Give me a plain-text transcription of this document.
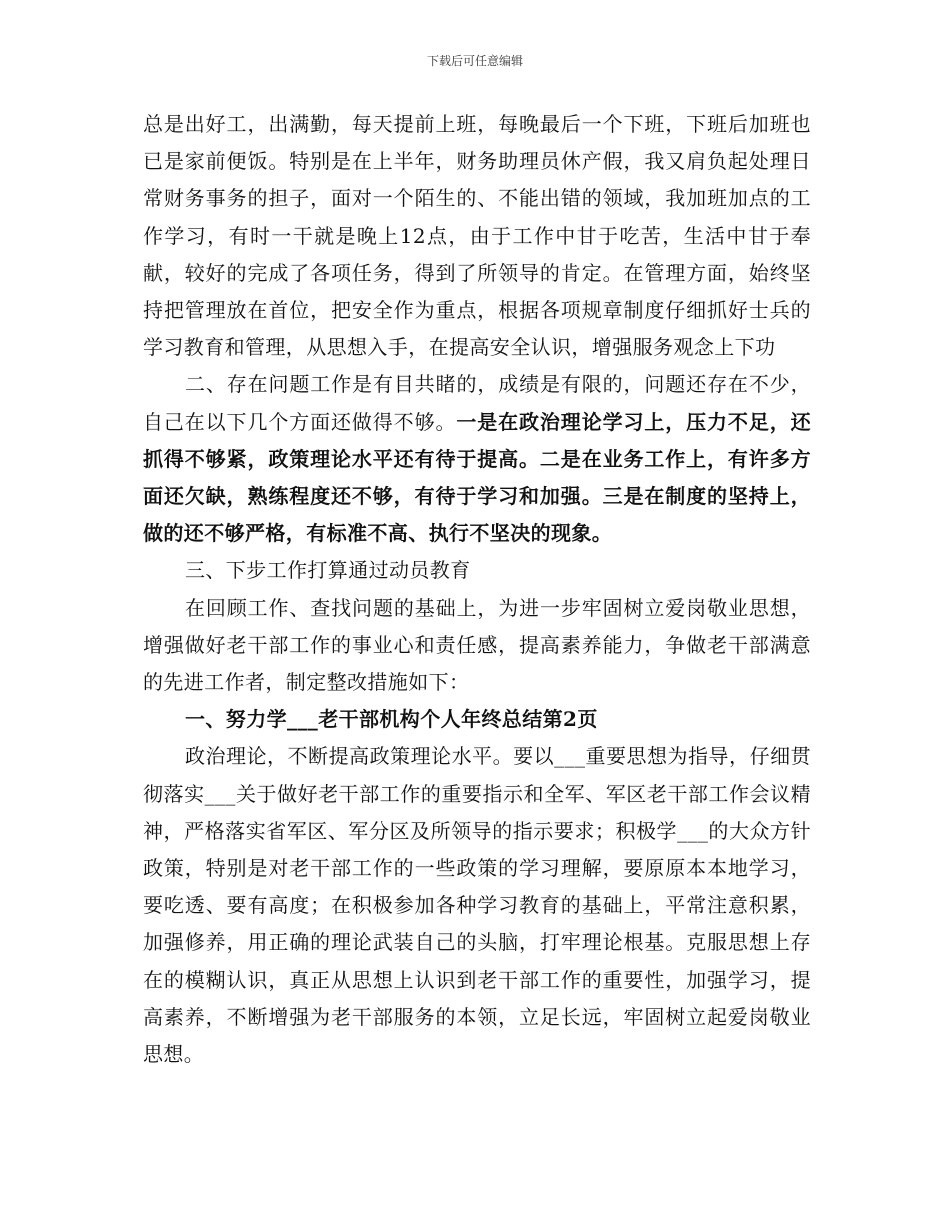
下载后可任意编辑

总是出好工，出满勤，每天提前上班，每晚最后一个下班，下班后加班也已是家前便饭。特别是在上半年，财务助理员休产假，我又肩负起处理日常财务事务的担子，面对一个陌生的、不能出错的领域，我加班加点的工作学习，有时一干就是晚上12点，由于工作中甘于吃苦，生活中甘于奉献，较好的完成了各项任务，得到了所领导的肯定。在管理方面，始终坚持把管理放在首位，把安全作为重点，根据各项规章制度仔细抓好士兵的学习教育和管理，从思想入手，在提高安全认识，增强服务观念上下功

二、存在问题工作是有目共睹的，成绩是有限的，问题还存在不少，自己在以下几个方面还做得不够。一是在政治理论学习上，压力不足，还抓得不够紧，政策理论水平还有待于提高。二是在业务工作上，有许多方面还欠缺，熟练程度还不够，有待于学习和加强。三是在制度的坚持上，做的还不够严格，有标准不高、执行不坚决的现象。

三、下步工作打算通过动员教育

在回顾工作、查找问题的基础上，为进一步牢固树立爱岗敬业思想，增强做好老干部工作的事业心和责任感，提高素养能力，争做老干部满意的先进工作者，制定整改措施如下：

一、努力学___老干部机构个人年终总结第2页

政治理论，不断提高政策理论水平。要以___重要思想为指导，仔细贯彻落实___关于做好老干部工作的重要指示和全军、军区老干部工作会议精神，严格落实省军区、军分区及所领导的指示要求；积极学___的大众方针政策，特别是对老干部工作的一些政策的学习理解，要原原本本地学习，要吃透、要有高度；在积极参加各种学习教育的基础上，平常注意积累，加强修养，用正确的理论武装自己的头脑，打牢理论根基。克服思想上存在的模糊认识，真正从思想上认识到老干部工作的重要性，加强学习，提高素养，不断增强为老干部服务的本领，立足长远，牢固树立起爱岗敬业思想。
